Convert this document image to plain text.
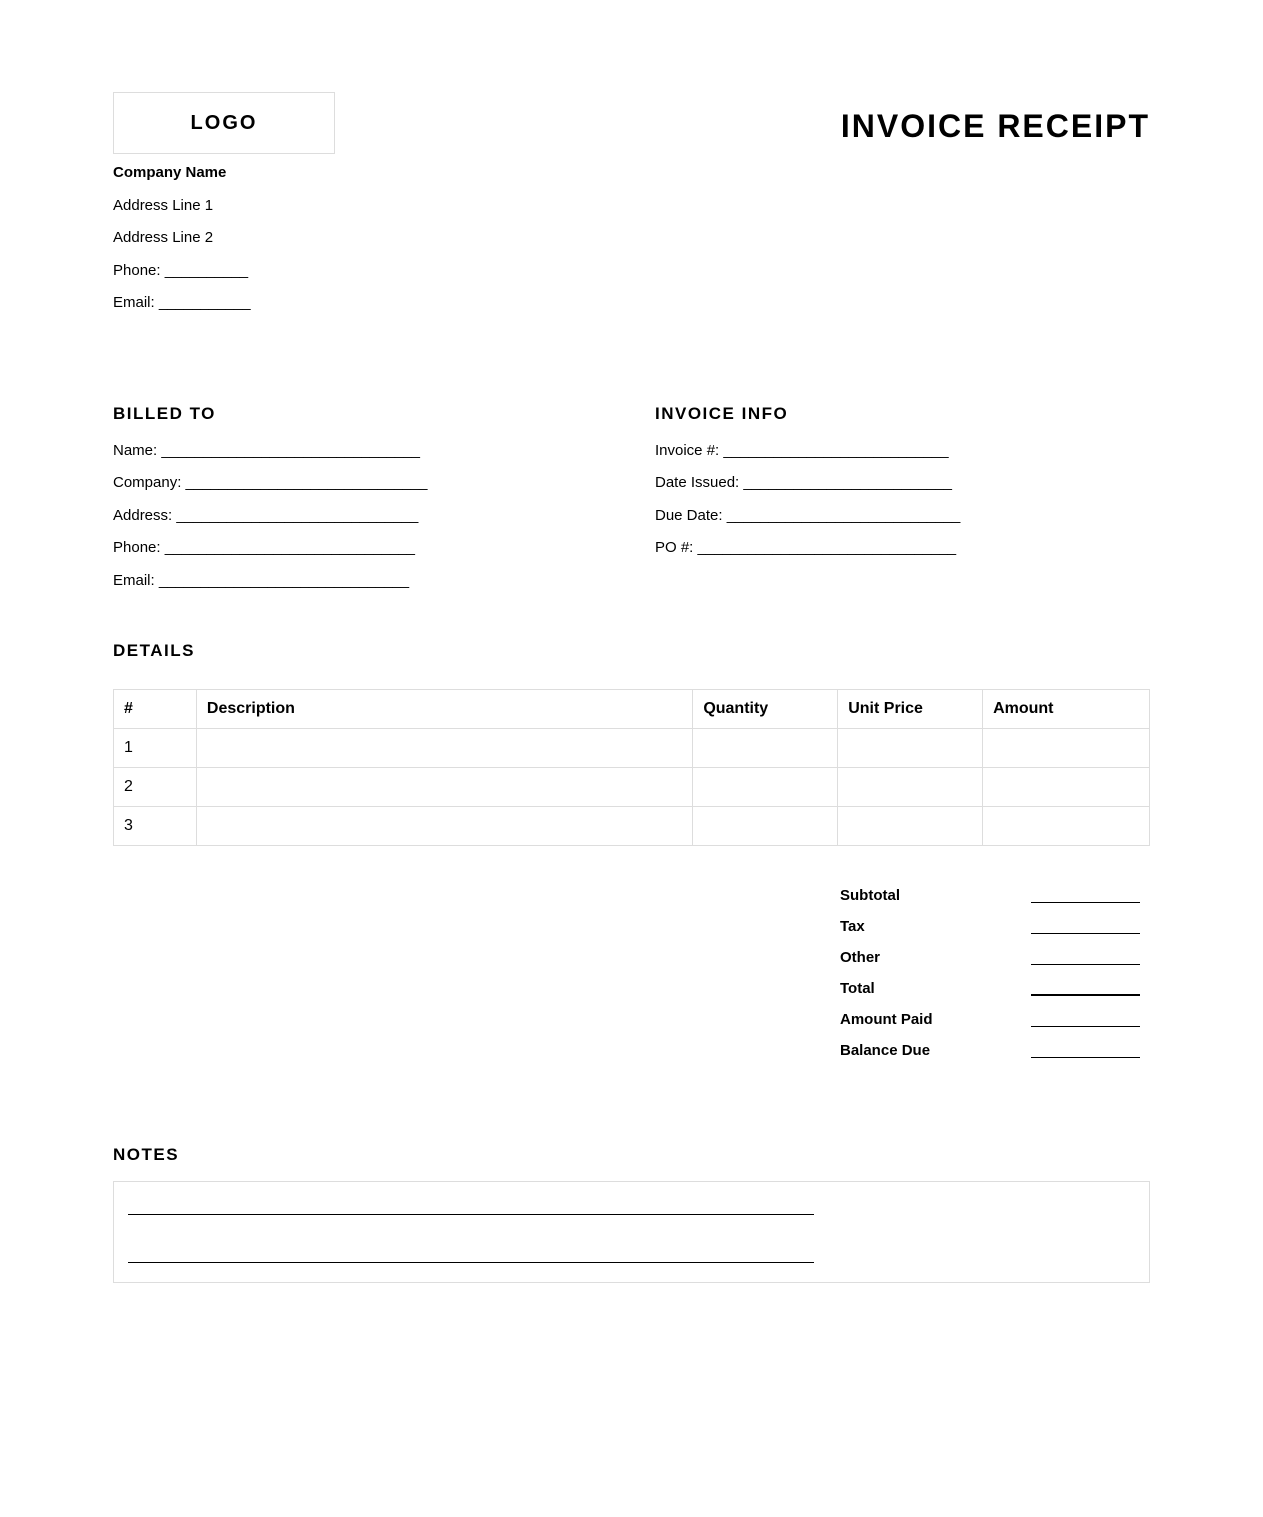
LOGO	INVOICE RECEIPT
Company Name
Address Line 1
Address Line 2
Phone: __________
Email: ___________
BILLED TO
Name: _______________________________
Company: _____________________________
Address: _____________________________
Phone: ______________________________
Email: ______________________________
INVOICE INFO
Invoice #: ___________________________
Date Issued: _________________________
Due Date: ____________________________
PO #: _______________________________
DETAILS
#	Description	Quantity	Unit Price	Amount
1				
2				
3				
Subtotal
Tax
Other
Total
Amount Paid
Balance Due
NOTES
